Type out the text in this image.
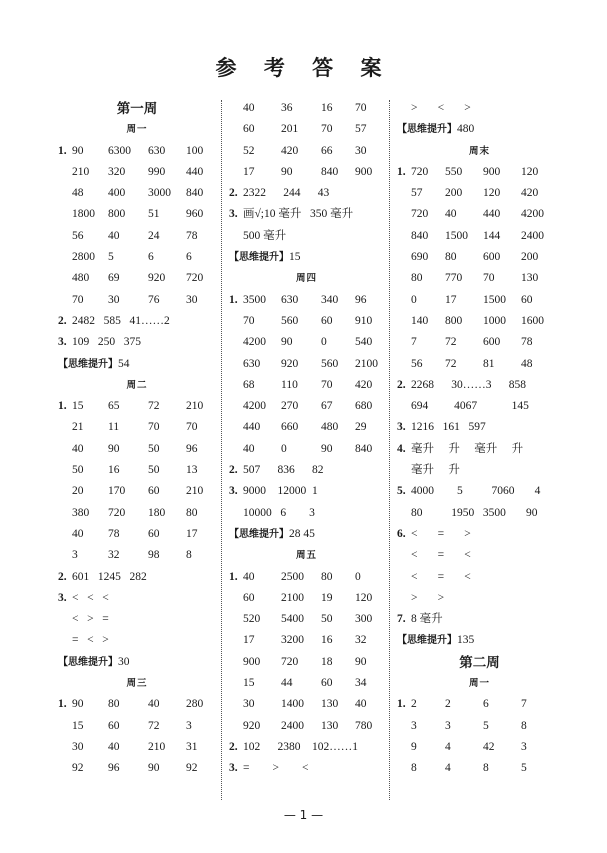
参 考 答 案
第一周
周一
1. 90 6300 630 100
210 320 990 440
48 400 3000 840
1800 800 51 960
56 40 24 78
2800 5	6	6
480 69 920 720
70 30 76 30
2. 2482   585   41……2
3. 109   250   375
【思维提升】54
周二
1. 15 65 72 210
21 11	70 70
40 90 50 96
50 16 50 13
20 170 60 210
380 720 180 80
40 78 60 17
3	32 98 8
2. 601   1245   282
3. <   <   <
<   >   =
=   <   >
【思维提升】30
周三
1. 90 80 40 280
15 60 72 3
30 40 210 31
92 96 90 92
40 36 16 70
60 201 70 57
52 420 66 30
17 90 840 900
2. 2322      244      43
3. 画√;10 毫升   350 毫升
500 毫升
【思维提升】15
周四
1. 3500 630 340 96
70 560 60 910
4200 90 0 540
630 920 560 2100
68 110 70 420
4200 270 67 680
440 660 480 29
40 0	90 840
2. 507      836      82
3. 9000    12000  1
10000   6        3
【思维提升】28 45
周五
1. 40 2500 80 0
60 2100 19 120
520 5400 50 300
17 3200 16 32
900 720 18 90
15 44 60 34
30 1400 130 40
920 2400 130 780
2. 102      2380    102……1
3. =        >        <
>       <       >
【思维提升】480
周末
1. 720 550 900 120
57 200 120 420
720 40 440 4200
840 1500 144 2400
690 80 600 200
80 770 70 130
0 17 1500 60
140 800 1000 1600
7 72 600 78
56 72 81 48
2. 2268      30……3      858
694         4067            145
3. 1216   161   597
4. 毫升     升     毫升     升
毫升     升
5. 4000        5          7060       4
80          1950   3500       90
6. <       =       >
<       =       <
<       =       <
>       >
7. 8 毫升
【思维提升】135
第二周
周一
1. 2 2	6	7
3 3	5	8
9 4	42 3
8 4	8	5
— 1 —
